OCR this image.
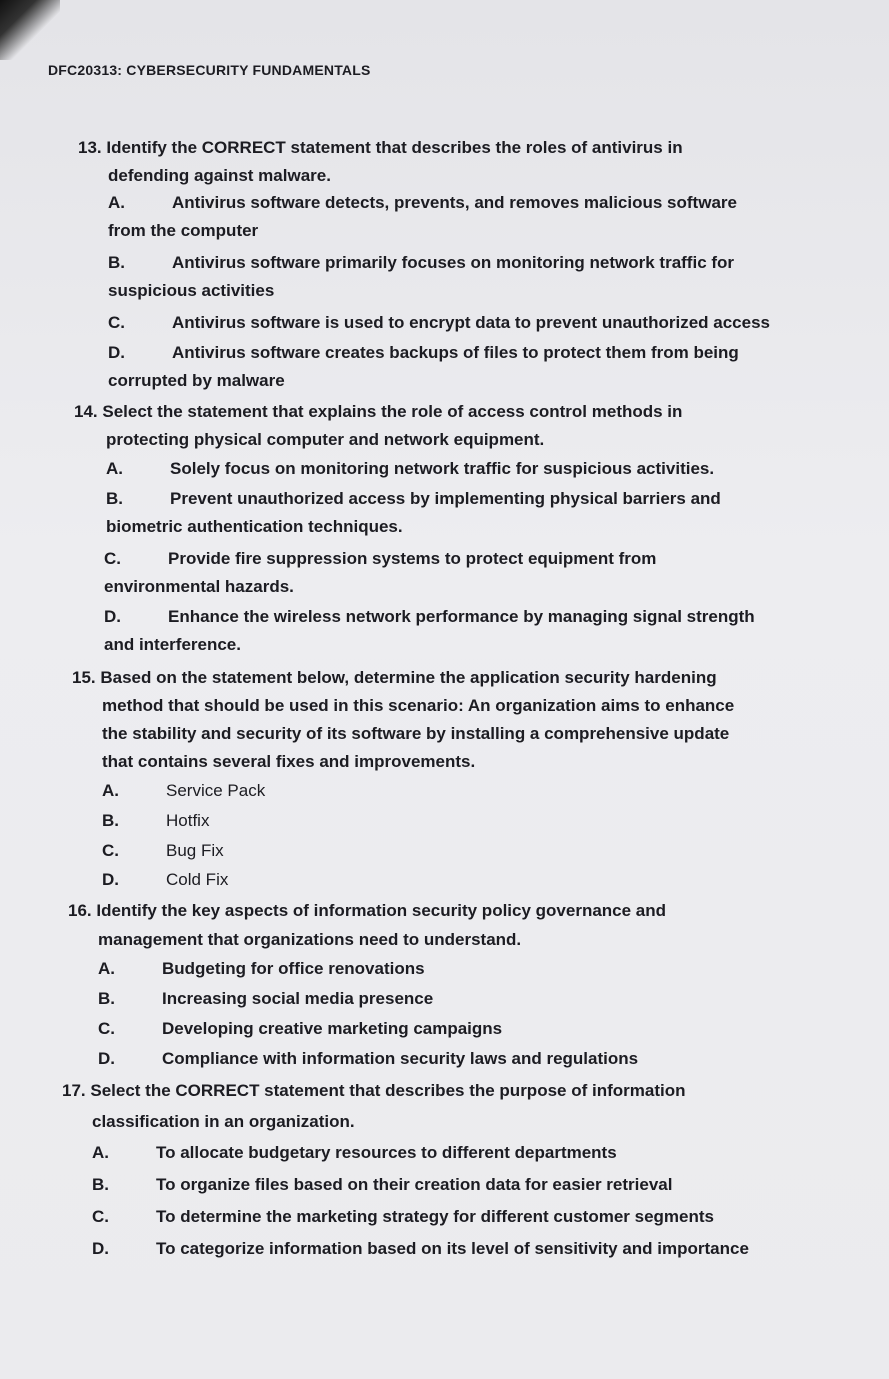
DFC20313: CYBERSECURITY FUNDAMENTALS
13. Identify the CORRECT statement that describes the roles of antivirus in
defending against malware.
A.	Antivirus software detects, prevents, and removes malicious software
from the computer
B.	Antivirus software primarily focuses on monitoring network traffic for
suspicious activities
C.	Antivirus software is used to encrypt data to prevent unauthorized access
D.	Antivirus software creates backups of files to protect them from being
corrupted by malware
14. Select the statement that explains the role of access control methods in
protecting physical computer and network equipment.
A.	Solely focus on monitoring network traffic for suspicious activities.
B.	Prevent unauthorized access by implementing physical barriers and
biometric authentication techniques.
C.	Provide fire suppression systems to protect equipment from
environmental hazards.
D.	Enhance the wireless network performance by managing signal strength
and interference.
15. Based on the statement below, determine the application security hardening
method that should be used in this scenario: An organization aims to enhance
the stability and security of its software by installing a comprehensive update
that contains several fixes and improvements.
A.	Service Pack
B.	Hotfix
C.	Bug Fix
D.	Cold Fix
16. Identify the key aspects of information security policy governance and
management that organizations need to understand.
A.	Budgeting for office renovations
B.	Increasing social media presence
C.	Developing creative marketing campaigns
D.	Compliance with information security laws and regulations
17. Select the CORRECT statement that describes the purpose of information
classification in an organization.
A.	To allocate budgetary resources to different departments
B.	To organize files based on their creation data for easier retrieval
C.	To determine the marketing strategy for different customer segments
D.	To categorize information based on its level of sensitivity and importance
